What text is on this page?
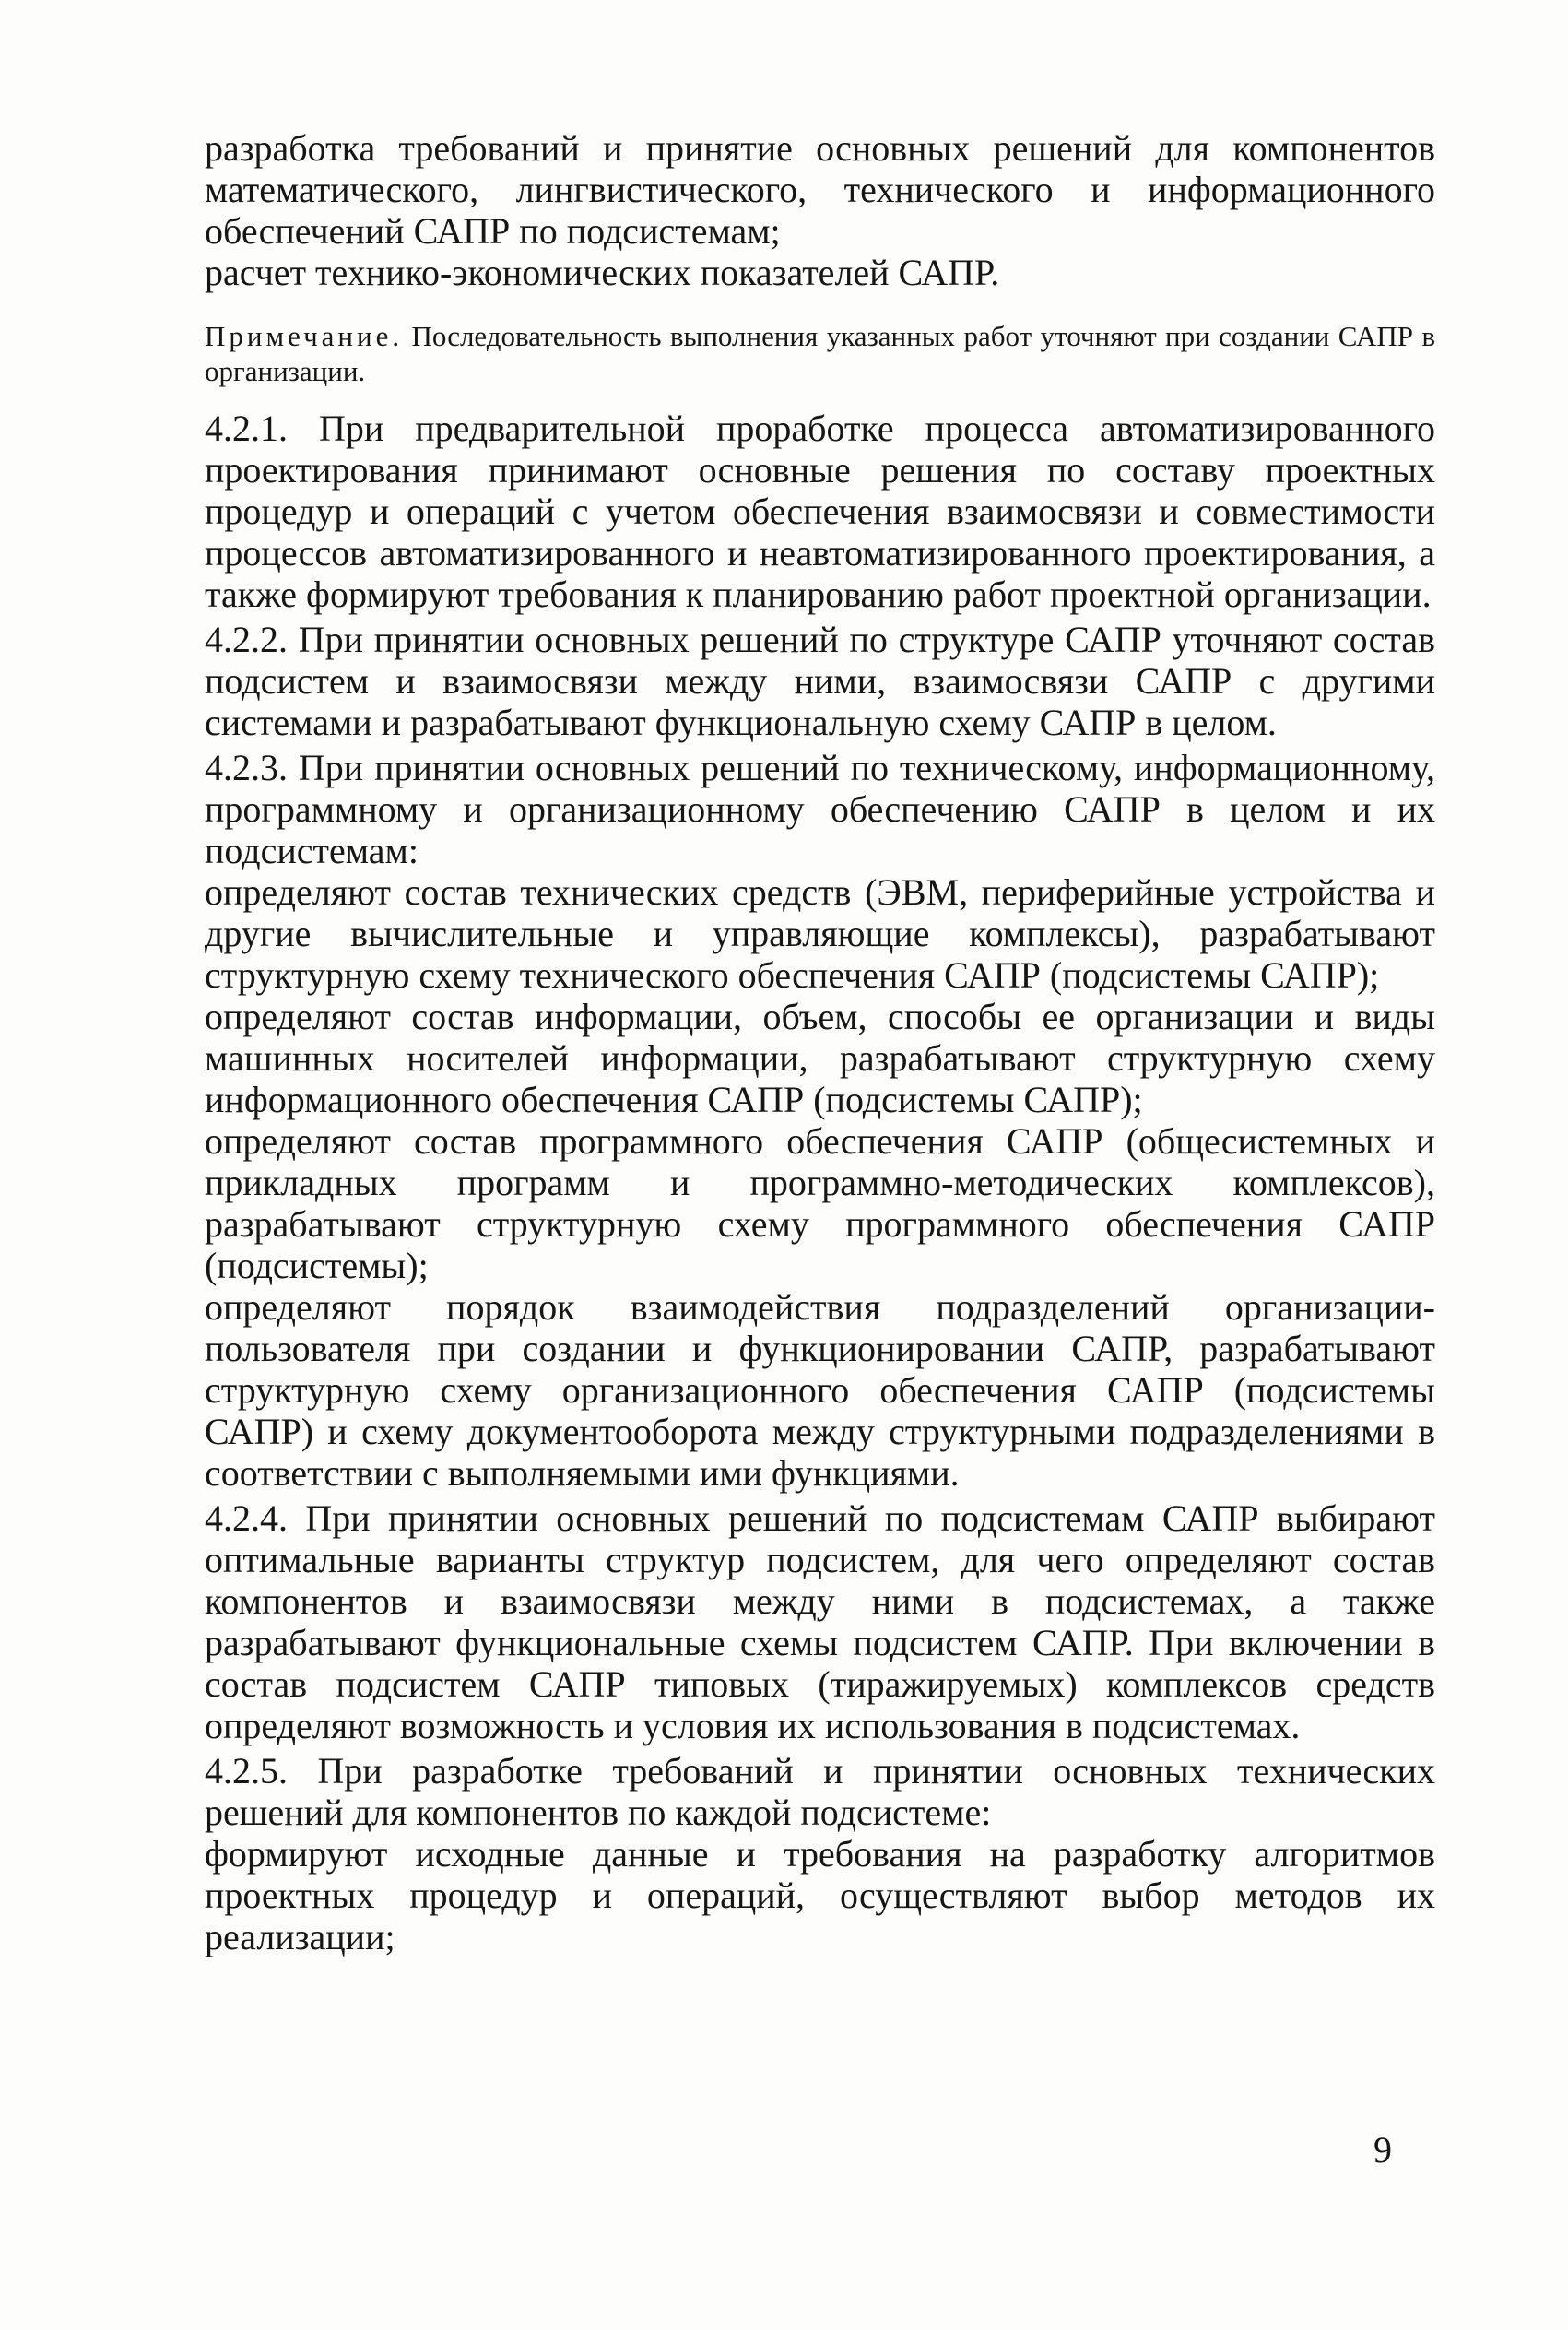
разработка требований и принятие основных решений для компонентов математического, лингвистического, технического и информационного обеспечений САПР по подсистемам;

расчет технико-экономических показателей САПР.

Примечание. Последовательность выполнения указанных работ уточняют при создании САПР в организации.

4.2.1. При предварительной проработке процесса автоматизированного проектирования принимают основные решения по составу проектных процедур и операций с учетом обеспечения взаимосвязи и совместимости процессов автоматизированного и неавтоматизированного проектирования, а также формируют требования к планированию работ проектной организации.

4.2.2. При принятии основных решений по структуре САПР уточняют состав подсистем и взаимосвязи между ними, взаимосвязи САПР с другими системами и разрабатывают функциональную схему САПР в целом.

4.2.3. При принятии основных решений по техническому, информационному, программному и организационному обеспечению САПР в целом и их подсистемам:

определяют состав технических средств (ЭВМ, периферийные устройства и другие вычислительные и управляющие комплексы), разрабатывают структурную схему технического обеспечения САПР (подсистемы САПР);

определяют состав информации, объем, способы ее организации и виды машинных носителей информации, разрабатывают структурную схему информационного обеспечения САПР (подсистемы САПР);

определяют состав программного обеспечения САПР (общесистемных и прикладных программ и программно-методических комплексов), разрабатывают структурную схему программного обеспечения САПР (подсистемы);

определяют порядок взаимодействия подразделений организации-пользователя при создании и функционировании САПР, разрабатывают структурную схему организационного обеспечения САПР (подсистемы САПР) и схему документооборота между структурными подразделениями в соответствии с выполняемыми ими функциями.

4.2.4. При принятии основных решений по подсистемам САПР выбирают оптимальные варианты структур подсистем, для чего определяют состав компонентов и взаимосвязи между ними в подсистемах, а также разрабатывают функциональные схемы подсистем САПР. При включении в состав подсистем САПР типовых (тиражируемых) комплексов средств определяют возможность и условия их использования в подсистемах.

4.2.5. При разработке требований и принятии основных технических решений для компонентов по каждой подсистеме:

формируют исходные данные и требования на разработку алгоритмов проектных процедур и операций, осуществляют выбор методов их реализации;

9
